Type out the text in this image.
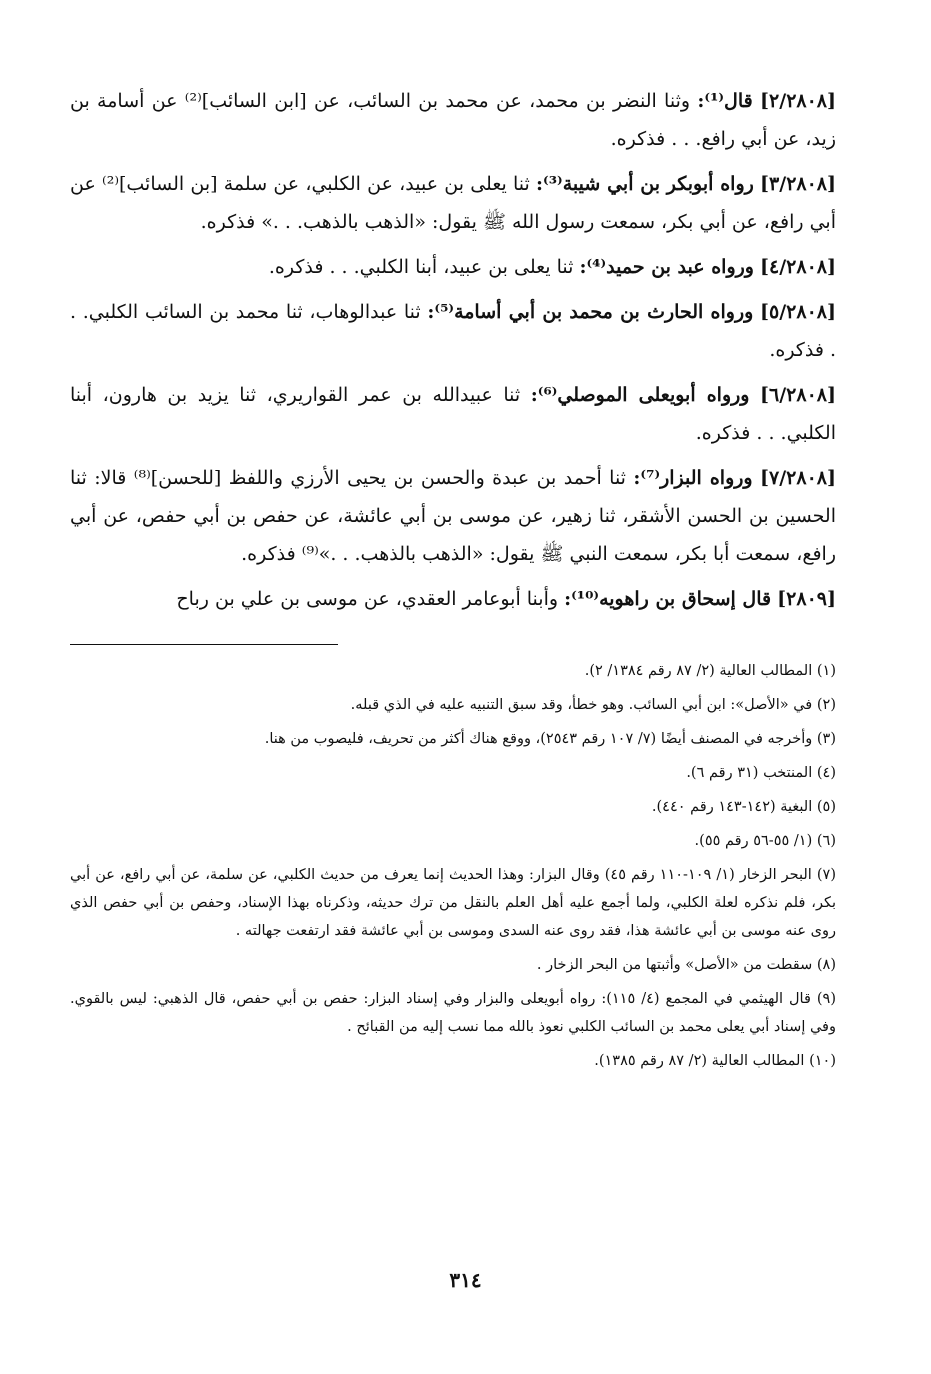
[٢/٢٨٠٨] قال⁽¹⁾: وثنا النضر بن محمد، عن محمد بن السائب، عن [ابن السائب]⁽²⁾ عن أسامة بن زيد، عن أبي رافع. . . فذكره.
[٣/٢٨٠٨] رواه أبوبكر بن أبي شيبة⁽³⁾: ثنا يعلى بن عبيد، عن الكلبي، عن سلمة [بن السائب]⁽²⁾ عن أبي رافع، عن أبي بكر، سمعت رسول الله ﷺ يقول: «الذهب بالذهب. . .» فذكره.
[٤/٢٨٠٨] ورواه عبد بن حميد⁽⁴⁾: ثنا يعلى بن عبيد، أبنا الكلبي. . . فذكره.
[٥/٢٨٠٨] ورواه الحارث بن محمد بن أبي أسامة⁽⁵⁾: ثنا عبدالوهاب، ثنا محمد بن السائب الكلبي. . . فذكره.
[٦/٢٨٠٨] ورواه أبويعلى الموصلي⁽⁶⁾: ثنا عبيدالله بن عمر القواريري، ثنا يزيد بن هارون، أبنا الكلبي. . . فذكره.
[٧/٢٨٠٨] ورواه البزار⁽⁷⁾: ثنا أحمد بن عبدة والحسن بن يحيى الأرزي واللفظ [للحسن]⁽⁸⁾ قالا: ثنا الحسين بن الحسن الأشقر، ثنا زهير، عن موسى بن أبي عائشة، عن حفص بن أبي حفص، عن أبي رافع، سمعت أبا بكر، سمعت النبي ﷺ يقول: «الذهب بالذهب. . .»⁽⁹⁾ فذكره.
[٢٨٠٩] قال إسحاق بن راهويه⁽¹⁰⁾: وأبنا أبوعامر العقدي، عن موسى بن علي بن رباح
(١) المطالب العالية (٢/ ٨٧ رقم ١٣٨٤/ ٢).
(٢) في «الأصل»: ابن أبي السائب. وهو خطأ، وقد سبق التنبيه عليه في الذي قبله.
(٣) وأخرجه في المصنف أيضًا (٧/ ١٠٧ رقم ٢٥٤٣)، ووقع هناك أكثر من تحريف، فليصوب من هنا.
(٤) المنتخب (٣١ رقم ٦).
(٥) البغية (١٤٢-١٤٣ رقم ٤٤٠).
(٦) (١/ ٥٥-٥٦ رقم ٥٥).
(٧) البحر الزخار (١/ ١٠٩-١١٠ رقم ٤٥) وقال البزار: وهذا الحديث إنما يعرف من حديث الكلبي، عن سلمة، عن أبي رافع، عن أبي بكر، فلم نذكره لعلة الكلبي، ولما أجمع عليه أهل العلم بالنقل من ترك حديثه، وذكرناه بهذا الإسناد، وحفص بن أبي حفص الذي روى عنه موسى بن أبي عائشة هذا، فقد روى عنه السدى وموسى بن أبي عائشة فقد ارتفعت جهالته .
(٨) سقطت من «الأصل» وأثبتها من البحر الزخار .
(٩) قال الهيثمي في المجمع (٤/ ١١٥): رواه أبويعلى والبزار وفي إسناد البزار: حفص بن أبي حفص، قال الذهبي: ليس بالقوي. وفي إسناد أبي يعلى محمد بن السائب الكلبي نعوذ بالله مما نسب إليه من القبائح .
(١٠) المطالب العالية (٢/ ٨٧ رقم ١٣٨٥).
٣١٤
